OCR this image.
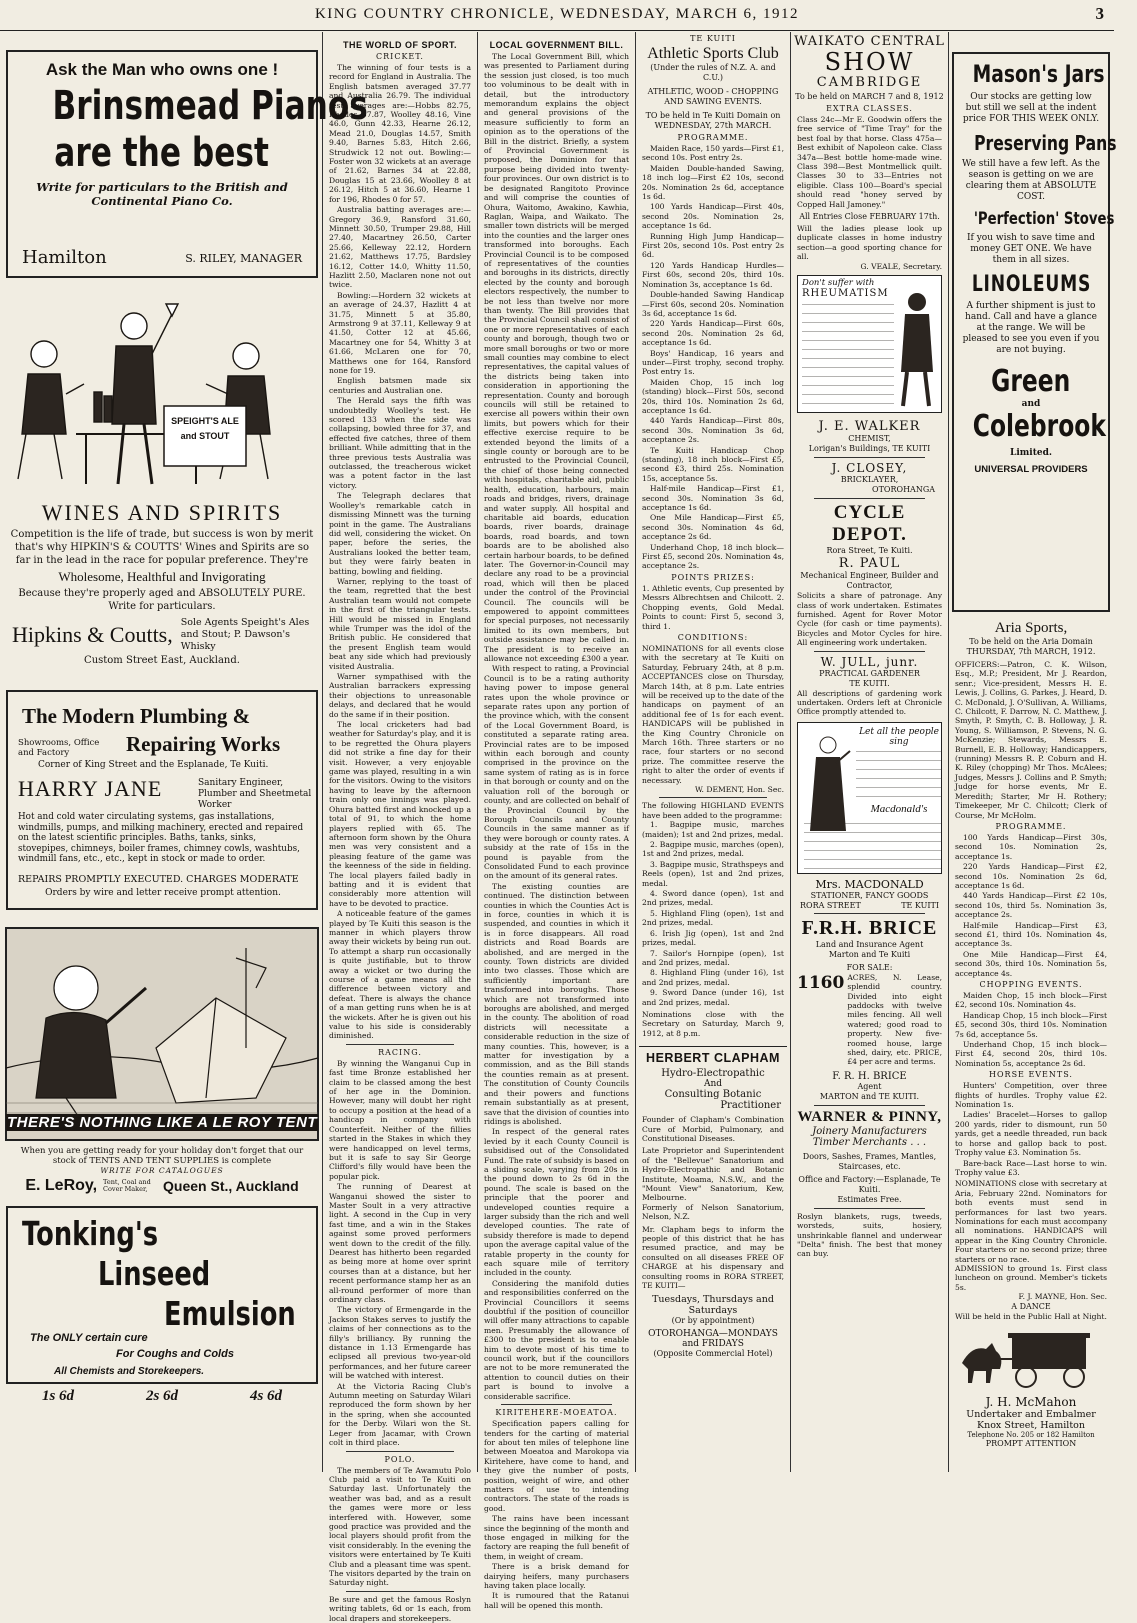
KING COUNTRY CHRONICLE, WEDNESDAY, MARCH 6, 1912	3
Ask the Man who owns one !
Brinsmead Pianos
are the best
Write for particulars to the British and Continental Piano Co.
Hamilton	S. RILEY, MANAGER
SPEIGHT'S ALE and STOUT
WINES AND SPIRITS
Competition is the life of trade, but success is won by merit that's why HIPKIN'S & COUTTS' Wines and Spirits are so far in the lead in the race for popular preference. They're
Wholesome, Healthful and Invigorating
Because they're properly aged and ABSOLUTELY PURE. Write for particulars.
Hipkins & Coutts, Sole Agents Speight's Ales and Stout; P. Dawson's Whisky
Custom Street East, Auckland.
The Modern Plumbing &
Showrooms, Office and Factory	Repairing Works
Corner of King Street and the Esplanade, Te Kuiti.
HARRY JANE	Sanitary Engineer, Plumber and Sheetmetal Worker
Hot and cold water circulating systems, gas installations, windmills, pumps, and milking machinery, erected and repaired on the latest scientific principles. Baths, tanks, sinks, stovepipes, chimneys, boiler frames, chimney cowls, washtubs, windmill fans, etc., etc., kept in stock or made to order.
REPAIRS PROMPTLY EXECUTED. CHARGES MODERATE
Orders by wire and letter receive prompt attention.
THERE'S NOTHING LIKE A LE ROY TENT
When you are getting ready for your holiday don't forget that our stock of TENTS AND TENT SUPPLIES is complete
WRITE FOR CATALOGUES
E. LeRoy, Tent, Coal and Cover Maker,	Queen St., Auckland
Tonking's
Linseed
Emulsion
The ONLY certain cure
For Coughs and Colds
All Chemists and Storekeepers.
1s 6d	2s 6d	4s 6d
THE WORLD OF SPORT.
CRICKET.

The winning of four tests is a record for England in Australia. The English batsmen averaged 37.77 and Australia 26.79. The individual test averages are:—Hobbs 82.75, Rhodes 57.87, Woolley 48.16, Vine 46.0, Gunn 42.33, Hearne 26.12, Mead 21.0, Douglas 14.57, Smith 9.40, Barnes 5.83, Hitch 2.66, Strudwick 12 not out. Bowling:—Foster won 32 wickets at an average of 21.62, Barnes 34 at 22.88, Douglas 15 at 23.66, Woolley 8 at 26.12, Hitch 5 at 36.60, Hearne 1 for 196, Rhodes 0 for 57.

Australia batting averages are:—Gregory 36.9, Ransford 31.60, Minnett 30.50, Trumper 29.88, Hill 27.40, Macartney 26.50, Carter 25.66, Kelleway 22.12, Hordern 21.62, Matthews 17.75, Bardsley 16.12, Cotter 14.0, Whitty 11.50, Hazlitt 2.50, Maclaren none not out twice.

Bowling:—Hordern 32 wickets at an average of 24.37, Hazlitt 4 at 31.75, Minnett 5 at 35.80, Armstrong 9 at 37.11, Kelleway 9 at 41.50, Cotter 12 at 45.66, Macartney one for 54, Whitty 3 at 61.66, McLaren one for 70, Matthews one for 164, Ransford none for 19.

English batsmen made six centuries and Australian one.

The Herald says the fifth was undoubtedly Woolley's test. He scored 133 when the side was collapsing, bowled three for 37, and effected five catches, three of them brilliant. While admitting that in the three previous tests Australia was outclassed, the treacherous wicket was a potent factor in the last victory.

The Telegraph declares that Woolley's remarkable catch in dismissing Minnett was the turning point in the game. The Australians did well, considering the wicket. On paper, before the series, the Australians looked the better team, but they were fairly beaten in batting, bowling and fielding.

Warner, replying to the toast of the team, regretted that the best Australian team would not compete in the first of the triangular tests. Hill would be missed in England while Trumper was the idol of the British public. He considered that the present English team would beat any side which had previously visited Australia.

Warner sympathised with the Australian barrackers expressing their objections to unreasonable delays, and declared that he would do the same if in their position.

The local cricketers had bad weather for Saturday's play, and it is to be regretted the Ohura players did not strike a fine day for their visit. However, a very enjoyable game was played, resulting in a win for the visitors. Owing to the visitors having to leave by the afternoon train only one innings was played. Ohura batted first and knocked up a total of 91, to which the home players replied with 65. The afternoon form shown by the Ohura men was very consistent and a pleasing feature of the game was the keenness of the side in fielding. The local players failed badly in batting and it is evident that considerably more attention will have to be devoted to practice.

A noticeable feature of the games played by Te Kuiti this season is the manner in which players throw away their wickets by being run out. To attempt a sharp run occasionally is quite justifiable, but to throw away a wicket or two during the course of a game means all the difference between victory and defeat. There is always the chance of a man getting runs when he is at the wickets. After he is given out his value to his side is considerably diminished.

RACING.

By winning the Wanganui Cup in fast time Bronze established her claim to be classed among the best of her age in the Dominion. However, many will doubt her right to occupy a position at the head of a handicap in company with Counterfeit. Neither of the fillies started in the Stakes in which they were handicapped on level terms, but it is safe to say Sir George Clifford's filly would have been the popular pick.

The running of Dearest at Wanganui showed the sister to Master Soult in a very attractive light. A second in the Cup in very fast time, and a win in the Stakes against some proved performers went down to the credit of the filly. Dearest has hitherto been regarded as being more at home over sprint courses than at a distance, but her recent performance stamp her as an all-round performer of more than ordinary class.

The victory of Ermengarde in the Jackson Stakes serves to justify the claims of her connections as to the filly's brilliancy. By running the distance in 1.13 Ermengarde has eclipsed all previous two-year-old performances, and her future career will be watched with interest.

At the Victoria Racing Club's Autumn meeting on Saturday Wilari reproduced the form shown by her in the spring, when she accounted for the Derby. Wilari won the St. Leger from Jacamar, with Crown colt in third place.

POLO.

The members of Te Awamutu Polo Club paid a visit to Te Kuiti on Saturday last. Unfortunately the weather was bad, and as a result the games were more or less interfered with. However, some good practice was provided and the local players should profit from the visit considerably. In the evening the visitors were entertained by Te Kuiti Club and a pleasant time was spent. The visitors departed by the train on Saturday night.

Be sure and get the famous Roslyn writing tablets, 6d or 1s each, from local drapers and storekeepers.
LOCAL GOVERNMENT BILL.

The Local Government Bill, which was presented to Parliament during the session just closed, is too much too voluminous to be dealt with in detail, but the introductory memorandum explains the object and general provisions of the measure sufficiently to form an opinion as to the operations of the Bill in the district. Briefly, a system of Provincial Government is proposed, the Dominion for that purpose being divided into twenty-four provinces. Our own district is to be designated Rangitoto Province and will comprise the counties of Ohura, Waitomo, Awakino, Kawhia, Raglan, Waipa, and Waikato. The smaller town districts will be merged into the counties and the larger ones transformed into boroughs. Each Provincial Council is to be composed of representatives of the counties and boroughs in its districts, directly elected by the county and borough electors respectively, the number to be not less than twelve nor more than twenty. The Bill provides that the Provincial Council shall consist of one or more representatives of each county and borough, though two or more small boroughs or two or more small counties may combine to elect representatives, the capital values of the districts being taken into consideration in apportioning the representation. County and borough councils will still be retained to exercise all powers within their own limits, but powers which for their effective exercise require to be extended beyond the limits of a single county or borough are to be entrusted to the Provincial Council, the chief of those being connected with hospitals, charitable aid, public health, education, harbours, main roads and bridges, rivers, drainage and water supply. All hospital and charitable aid boards, education boards, river boards, drainage boards, road boards, and town boards are to be abolished also certain harbour boards, to be defined later. The Governor-in-Council may declare any road to be a provincial road, which will then be placed under the control of the Provincial Council. The councils will be empowered to appoint committees for special purposes, not necessarily limited to its own members, but outside assistance may be called in. The president is to receive an allowance not exceeding £300 a year.

With respect to rating, a Provincial Council is to be a rating authority having power to impose general rates upon the whole province or separate rates upon any portion of the province which, with the consent of the Local Government Board, is constituted a separate rating area. Provincial rates are to be imposed within each borough and county comprised in the province on the same system of rating as is in force in that borough or county and on the valuation roll of the borough or county, and are collected on behalf of the Provincial Council by the Borough Councils and County Councils in the same manner as if they were borough or county rates. A subsidy at the rate of 15s in the pound is payable from the Consolidated Fund to each province on the amount of its general rates.

The existing counties are continued. The distinction between counties in which the Counties Act is in force, counties in which it is suspended, and counties in which it is in force disappears. All road districts and Road Boards are abolished, and are merged in the county. Town districts are divided into two classes. Those which are sufficiently important are transformed into boroughs. Those which are not transformed into boroughs are abolished, and merged in the county. The abolition of road districts will necessitate a considerable reduction in the size of many counties. This, however, is a matter for investigation by a commission, and as the Bill stands the counties remain as at present. The constitution of County Councils and their powers and functions remain substantially as at present, save that the division of counties into ridings is abolished.

In respect of the general rates levied by it each County Council is subsidised out of the Consolidated Fund. The rate of subsidy is based on a sliding scale, varying from 20s in the pound down to 2s 6d in the pound. The scale is based on the principle that the poorer and undeveloped counties require a larger subsidy than the rich and well developed counties. The rate of subsidy therefore is made to depend upon the average capital value of the ratable property in the county for each square mile of territory included in the county.

Considering the manifold duties and responsibilities conferred on the Provincial Councillors it seems doubtful if the position of councillor will offer many attractions to capable men. Presumably the allowance of £300 to the president is to enable him to devote most of his time to council work, but if the councillors are not to be more remunerated the attention to council duties on their part is bound to involve a considerable sacrifice.

KIRITEHERE-MOEATOA.

Specification papers calling for tenders for the carting of material for about ten miles of telephone line between Moeatoa and Marokopa via Kiritehere, have come to hand, and they give the number of posts, position, weight of wire, and other matters of use to intending contractors. The state of the roads is good.

The rains have been incessant since the beginning of the month and those engaged in milking for the factory are reaping the full benefit of them, in weight of cream.

There is a brisk demand for dairying heifers, many purchasers having taken place locally.

It is rumoured that the Ratanui hall will be opened this month.

TE KUITI
Athletic Sports Club
(Under the rules of N.Z. A. and C.U.)
ATHLETIC, WOOD - CHOPPING AND SAWING EVENTS.
TO be held in Te Kuiti Domain on
WEDNESDAY, 27th MARCH.
PROGRAMME.

Maiden Race, 150 yards—First £1, second 10s. Post entry 2s.

Maiden Double-handed Sawing, 18 inch log—First £2 10s, second 20s. Nomination 2s 6d, acceptance 1s 6d.

100 Yards Handicap—First 40s, second 20s. Nomination 2s, acceptance 1s 6d.

Running High Jump Handicap—First 20s, second 10s. Post entry 2s 6d.

120 Yards Handicap Hurdles—First 60s, second 20s, third 10s. Nomination 3s, acceptance 1s 6d.

Double-handed Sawing Handicap—First 60s, second 20s. Nomination 3s 6d, acceptance 1s 6d.

220 Yards Handicap—First 60s, second 20s. Nomination 2s 6d, acceptance 1s 6d.

Boys' Handicap, 16 years and under—First trophy, second trophy. Post entry 1s.

Maiden Chop, 15 inch log (standing) block—First 50s, second 20s, third 10s. Nomination 2s 6d, acceptance 1s 6d.

440 Yards Handicap—First 80s, second 30s. Nomination 3s 6d, acceptance 2s.

Te Kuiti Handicap Chop (standing), 18 inch block—First £5, second £3, third 25s. Nomination 15s, acceptance 5s.

Half-mile Handicap—First £1, second 30s. Nomination 3s 6d, acceptance 1s 6d.

One Mile Handicap—First £5, second 30s. Nomination 4s 6d, acceptance 2s 6d.

Underhand Chop, 18 inch block—First £5, second 20s. Nomination 4s, acceptance 2s.

POINTS PRIZES:
1. Athletic events, Cup presented by Messrs Albrechtsen and Chilcott. 2. Chopping events, Gold Medal. Points to count: First 5, second 3, third 1.
CONDITIONS:
NOMINATIONS for all events close with the secretary at Te Kuiti on Saturday, February 24th, at 8 p.m. ACCEPTANCES close on Thursday, March 14th, at 8 p.m. Late entries will be received up to the date of the handicaps on payment of an additional fee of 1s for each event. HANDICAPS will be published in the King Country Chronicle on March 16th. Three starters or no race, four starters or no second prize. The committee reserve the right to alter the order of events if necessary.
W. DEMENT, Hon. Sec.
The following HIGHLAND EVENTS have been added to the programme:

1. Bagpipe music, marches (maiden); 1st and 2nd prizes, medal.

2. Bagpipe music, marches (open), 1st and 2nd prizes, medal.

3. Bagpipe music, Strathspeys and Reels (open), 1st and 2nd prizes, medal.

4. Sword dance (open), 1st and 2nd prizes, medal.

5. Highland Fling (open), 1st and 2nd prizes, medal.

6. Irish Jig (open), 1st and 2nd prizes, medal.

7. Sailor's Hornpipe (open), 1st and 2nd prizes, medal.

8. Highland Fling (under 16), 1st and 2nd prizes, medal.

9. Sword Dance (under 16), 1st and 2nd prizes, medal.

Nominations close with the Secretary on Saturday, March 9, 1912, at 8 p.m.
HERBERT CLAPHAM
Hydro-Electropathic
And
Consulting Botanic
Practitioner
Founder of Clapham's Combination Cure of Morbid, Pulmonary, and Constitutional Diseases.
Late Proprietor and Superintendent of the "Bellevue" Sanatorium and Hydro-Electropathic and Botanic Institute, Moama, N.S.W., and the "Mount View" Sanatorium, Kew, Melbourne.
Formerly of Nelson Sanatorium, Nelson, N.Z.
Mr. Clapham begs to inform the people of this district that he has resumed practice, and may be consulted on all diseases FREE OF CHARGE at his dispensary and consulting rooms in RORA STREET, TE KUITI—
Tuesdays, Thursdays and Saturdays
(Or by appointment)
OTOROHANGA—MONDAYS and FRIDAYS
(Opposite Commercial Hotel)
WAIKATO CENTRAL
SHOW
CAMBRIDGE
To be held on MARCH 7 and 8, 1912
EXTRA CLASSES.
Class 24c—Mr E. Goodwin offers the free service of "Time Tray" for the best foal by that horse. Class 475a—Best exhibit of Napoleon cake. Class 347a—Best bottle home-made wine. Class 398—Best Montmellick quilt. Classes 30 to 33—Entries not eligible. Class 100—Board's special should read "honey served by Copped Hall Jamoney."
All Entries Close FEBRUARY 17th.
Will the ladies please look up duplicate classes in home industry section—a good sporting chance for all.
G. VEALE, Secretary.
Don't suffer with
RHEUMATISM
J. E. WALKER
CHEMIST,
Lorigan's Buildings, TE KUITI
J. CLOSEY,
BRICKLAYER,
OTOROHANGA
CYCLE DEPOT.
Rora Street, Te Kuiti.
R. PAUL
Mechanical Engineer, Builder and Contractor,
Solicits a share of patronage. Any class of work undertaken. Estimates furnished. Agent for Rover Motor Cycle (for cash or time payments). Bicycles and Motor Cycles for hire. All engineering work undertaken.
W. JULL, junr.
PRACTICAL GARDENER
TE KUITI.
All descriptions of gardening work undertaken. Orders left at Chronicle Office promptly attended to.
Let all the people sing
Macdonald's
Mrs. MACDONALD
STATIONER, FANCY GOODS
RORA STREET	TE KUITI
F.R.H. BRICE
Land and Insurance Agent
Marton and Te Kuiti
FOR SALE:
1160 ACRES, N. Lease, splendid country. Divided into eight paddocks with twelve miles fencing. All well watered; good road to property. New five-roomed house, large shed, dairy, etc. PRICE, £4 per acre and terms.
F. R. H. BRICE
Agent
MARTON and TE KUITI.
WARNER & PINNY,
Joinery Manufacturers Timber Merchants . . .
Doors, Sashes, Frames, Mantles, Staircases, etc.
Office and Factory:—Esplanade, Te Kuiti.
Estimates Free.
Roslyn blankets, rugs, tweeds, worsteds, suits, hosiery, unshrinkable flannel and underwear "Delta" finish. The best that money can buy.
Mason's Jars
Our stocks are getting low but still we sell at the indent price FOR THIS WEEK ONLY.
Preserving Pans
We still have a few left. As the season is getting on we are clearing them at ABSOLUTE COST.
'Perfection' Stoves
If you wish to save time and money GET ONE. We have them in all sizes.
LINOLEUMS
A further shipment is just to hand. Call and have a glance at the range. We will be pleased to see you even if you are not buying.
Green
and
Colebrook
Limited.
UNIVERSAL PROVIDERS
Aria Sports,
To be held on the Aria Domain
THURSDAY, 7th MARCH, 1912.
OFFICERS:—Patron, C. K. Wilson, Esq., M.P.; President, Mr J. Reardon, senr.; Vice-president, Messrs H. E. Lewis, J. Collins, G. Parkes, J. Heard, D. C. McDonald, J. O'Sullivan, A. Williams, C. Chilcott, F. Darrow, N. C. Matthew, J. Smyth, P. Smyth, C. B. Holloway, J. R. Young, S. Williamson, P. Stevens, N. G. McKenzie; Stewards, Messrs E. Burnell, E. B. Holloway; Handicappers, (running) Messrs R. P. Coburn and H. K. Riley (chopping) Mr Thos. McAlees; Judges, Messrs J. Collins and P. Smyth; Judge for horse events, Mr E. Meredith; Starter, Mr H. Rothery; Timekeeper, Mr C. Chilcott; Clerk of Course, Mr McHolm.
PROGRAMME.

100 Yards Handicap—First 30s, second 10s. Nomination 2s, acceptance 1s.

220 Yards Handicap—First £2, second 10s. Nomination 2s 6d, acceptance 1s 6d.

440 Yards Handicap—First £2 10s, second 10s, third 5s. Nomination 3s, acceptance 2s.

Half-mile Handicap—First £3, second £1, third 10s. Nomination 4s, acceptance 3s.

One Mile Handicap—First £4, second 30s, third 10s. Nomination 5s, acceptance 4s.

CHOPPING EVENTS.

Maiden Chop, 15 inch block—First £2, second 10s. Nomination 4s.

Handicap Chop, 15 inch block—First £5, second 30s, third 10s. Nomination 7s 6d, acceptance 5s.

Underhand Chop, 15 inch block—First £4, second 20s, third 10s. Nomination 5s, acceptance 2s 6d.

HORSE EVENTS.

Hunters' Competition, over three flights of hurdles. Trophy value £2. Nomination 1s.

Ladies' Bracelet—Horses to gallop 200 yards, rider to dismount, run 50 yards, get a needle threaded, run back to horse and gallop back to post. Trophy value £3. Nomination 5s.

Bare-back Race—Last horse to win. Trophy value £3.

NOMINATIONS close with secretary at Aria, February 22nd. Nominators for both events must send in performances for last two years. Nominations for each must accompany all nominations. HANDICAPS will appear in the King Country Chronicle. Four starters or no second prize; three starters or no race.
ADMISSION to ground 1s. First class luncheon on ground. Member's tickets 5s.
F. J. MAYNE, Hon. Sec.
A DANCE
Will be held in the Public Hall at Night.
J. H. McMahon
Undertaker and Embalmer
Knox Street, Hamilton
Telephone No. 205 or 182 Hamilton
PROMPT ATTENTION
